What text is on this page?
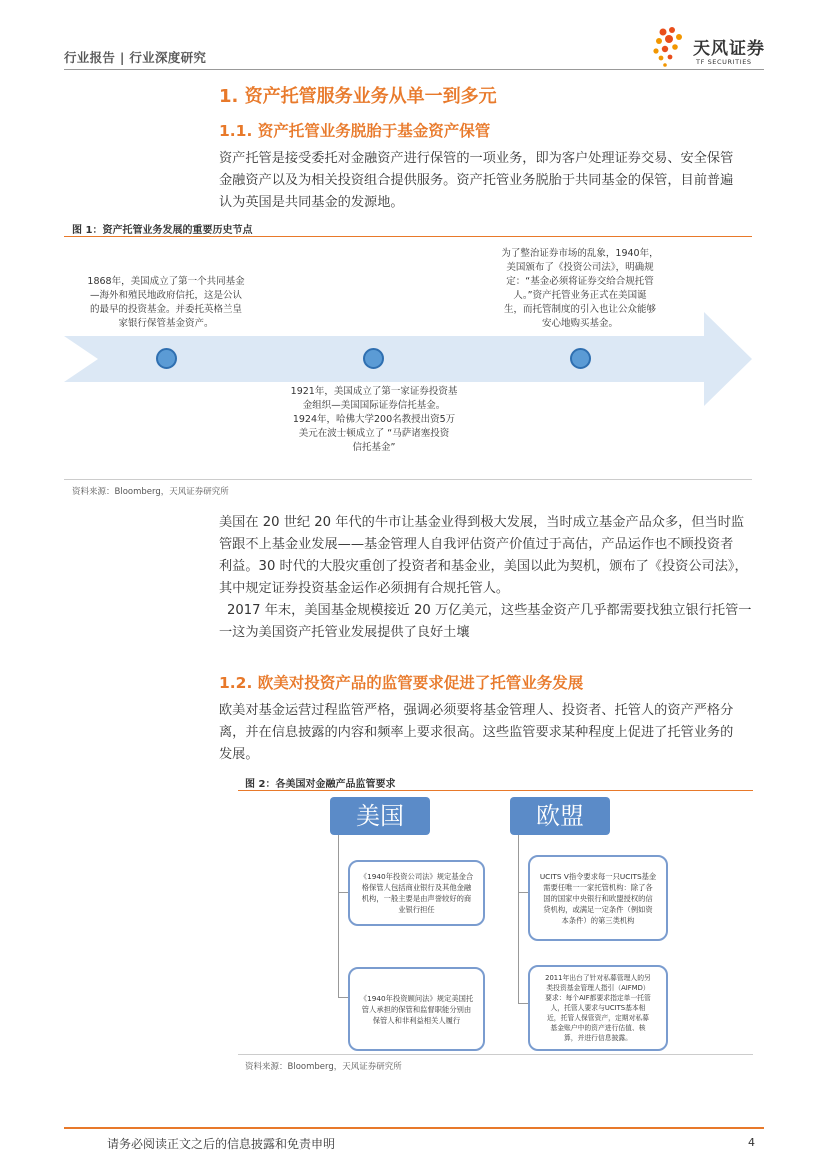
行业报告 | 行业深度研究	天风证券
TF SECURITIES
1. 资产托管服务业务从单一到多元
1.1. 资产托管业务脱胎于基金资产保管
资产托管是接受委托对金融资产进行保管的一项业务，即为客户处理证券交易、安全保管
金融资产以及为相关投资组合提供服务。资产托管业务脱胎于共同基金的保管，目前普遍
认为英国是共同基金的发源地。
图 1：资产托管业务发展的重要历史节点
1868年，美国成立了第一个共同基金
—海外和殖民地政府信托，这是公认
的最早的投资基金。并委托英格兰皇
家银行保管基金资产。
1921年，美国成立了第一家证券投资基
金组织—美国国际证券信托基金。
1924年，哈佛大学200名教授出资5万
美元在波士顿成立了 “马萨诸塞投资
信托基金”
为了整治证券市场的乱象，1940年，
美国颁布了《投资公司法》，明确规
定：“基金必须将证券交给合规托管
人。”资产托管业务正式在美国诞
生，而托管制度的引入也让公众能够
安心地购买基金。
资料来源：Bloomberg，天风证券研究所
美国在 20 世纪 20 年代的牛市让基金业得到极大发展，当时成立基金产品众多，但当时监
管跟不上基金业发展——基金管理人自我评估资产价值过于高估，产品运作也不顾投资者
利益。30 时代的大股灾重创了投资者和基金业，美国以此为契机，颁布了《投资公司法》，
其中规定证券投资基金运作必须拥有合规托管人。
2017 年末，美国基金规模接近 20 万亿美元，这些基金资产几乎都需要找独立银行托管一
一这为美国资产托管业发展提供了良好土壤
1.2. 欧美对投资产品的监管要求促进了托管业务发展
欧美对基金运营过程监管严格，强调必须要将基金管理人、投资者、托管人的资产严格分
离，并在信息披露的内容和频率上要求很高。这些监管要求某种程度上促进了托管业务的
发展。
图 2：各美国对金融产品监管要求
美国	欧盟
《1940年投资公司法》规定基金合
格保管人包括商业银行及其他金融
机构，一般主要是由声誉较好的商
业银行担任
《1940年投资顾问法》规定美国托
管人承担的保管和监督职能分别由
保管人和非利益相关人履行
UCITS V指令要求每一只UCITS基金
需要任唯一一家托管机构：除了各
国的国家中央银行和欧盟授权的信
贷机构，或满足一定条件（例如资
本条件）的第三类机构
2011年出台了针对私募管理人的另
类投资基金管理人指引（AIFMD）
要求：每个AIF都要求指定单一托管
人，托管人要求与UCITS基本相
近，托管人保管资产，定期对私募
基金账户中的资产进行估值、核
算，并进行信息披露。
资料来源：Bloomberg，天风证券研究所
请务必阅读正文之后的信息披露和免责申明	4
